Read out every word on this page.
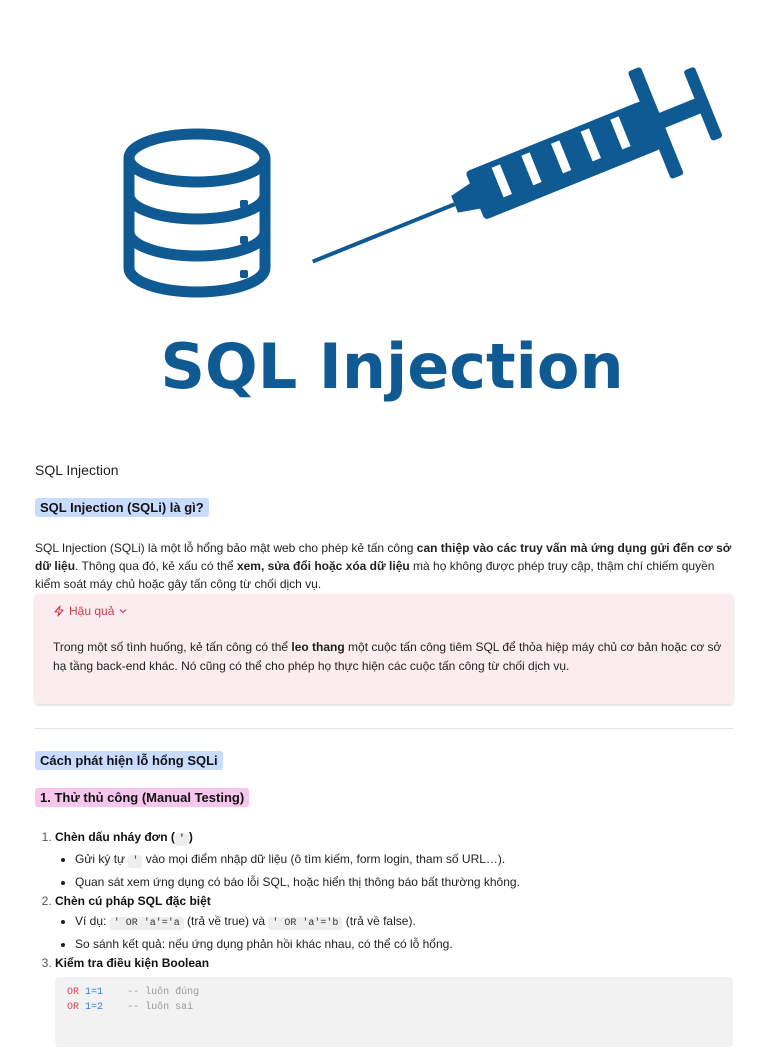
SQL Injection
SQL Injection
SQL Injection (SQLi) là gì?
SQL Injection (SQLi) là một lỗ hổng bảo mật web cho phép kẻ tấn công can thiệp vào các truy vấn mà ứng dụng gửi đến cơ sở dữ liệu. Thông qua đó, kẻ xấu có thể xem, sửa đổi hoặc xóa dữ liệu mà họ không được phép truy cập, thậm chí chiếm quyền kiểm soát máy chủ hoặc gây tấn công từ chối dịch vụ.
Hậu quả
Trong một số tình huống, kẻ tấn công có thể leo thang một cuộc tấn công tiêm SQL để thỏa hiệp máy chủ cơ bản hoặc cơ sở hạ tầng back-end khác. Nó cũng có thể cho phép họ thực hiện các cuộc tấn công từ chối dịch vụ.
Cách phát hiện lỗ hổng SQLi
1. Thử thủ công (Manual Testing)
1. Chèn dấu nháy đơn ( ' )
• Gửi ký tự ' vào mọi điểm nhập dữ liệu (ô tìm kiếm, form login, tham số URL…).
• Quan sát xem ứng dụng có báo lỗi SQL, hoặc hiển thị thông báo bất thường không.
2. Chèn cú pháp SQL đặc biệt
• Ví dụ: ' OR 'a'='a (trả về true) và ' OR 'a'='b (trả về false).
• So sánh kết quả: nếu ứng dụng phản hồi khác nhau, có thể có lỗ hổng.
3. Kiểm tra điều kiện Boolean
OR 1=1 -- luôn đúng
OR 1=2 -- luôn sai
